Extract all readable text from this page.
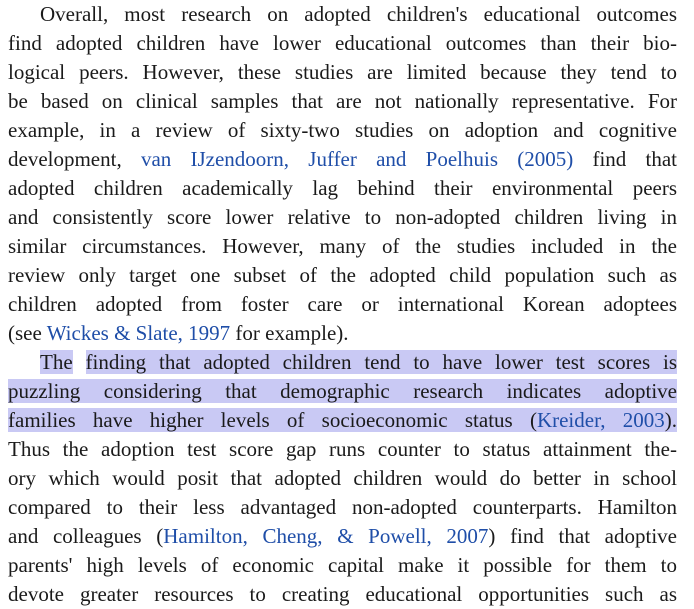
Overall, most research on adopted children's educational outcomes
find adopted children have lower educational outcomes than their bio-
logical peers. However, these studies are limited because they tend to
be based on clinical samples that are not nationally representative. For
example, in a review of sixty-two studies on adoption and cognitive
development, van IJzendoorn, Juffer and Poelhuis (2005) find that
adopted children academically lag behind their environmental peers
and consistently score lower relative to non-adopted children living in
similar circumstances. However, many of the studies included in the
review only target one subset of the adopted child population such as
children adopted from foster care or international Korean adoptees
(see Wickes & Slate, 1997 for example).
The finding that adopted children tend to have lower test scores is
puzzling considering that demographic research indicates adoptive
families have higher levels of socioeconomic status (Kreider, 2003).
Thus the adoption test score gap runs counter to status attainment the-
ory which would posit that adopted children would do better in school
compared to their less advantaged non-adopted counterparts. Hamilton
and colleagues (Hamilton, Cheng, & Powell, 2007) find that adoptive
parents' high levels of economic capital make it possible for them to
devote greater resources to creating educational opportunities such as
